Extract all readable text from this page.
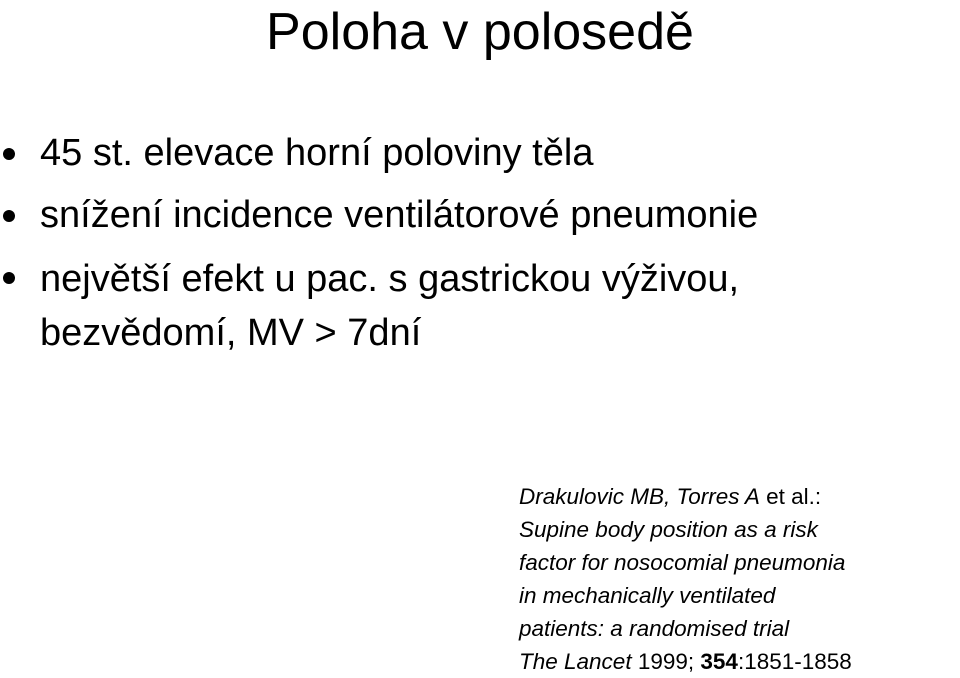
Poloha v polosedě
45 st. elevace horní poloviny těla
snížení incidence ventilátorové pneumonie
největší efekt u pac. s gastrickou výživou,
bezvědomí, MV > 7dní
Drakulovic MB, Torres A et al.:
Supine body position as a risk
factor for nosocomial pneumonia
in mechanically ventilated
patients: a randomised trial
The Lancet 1999; 354:1851-1858
